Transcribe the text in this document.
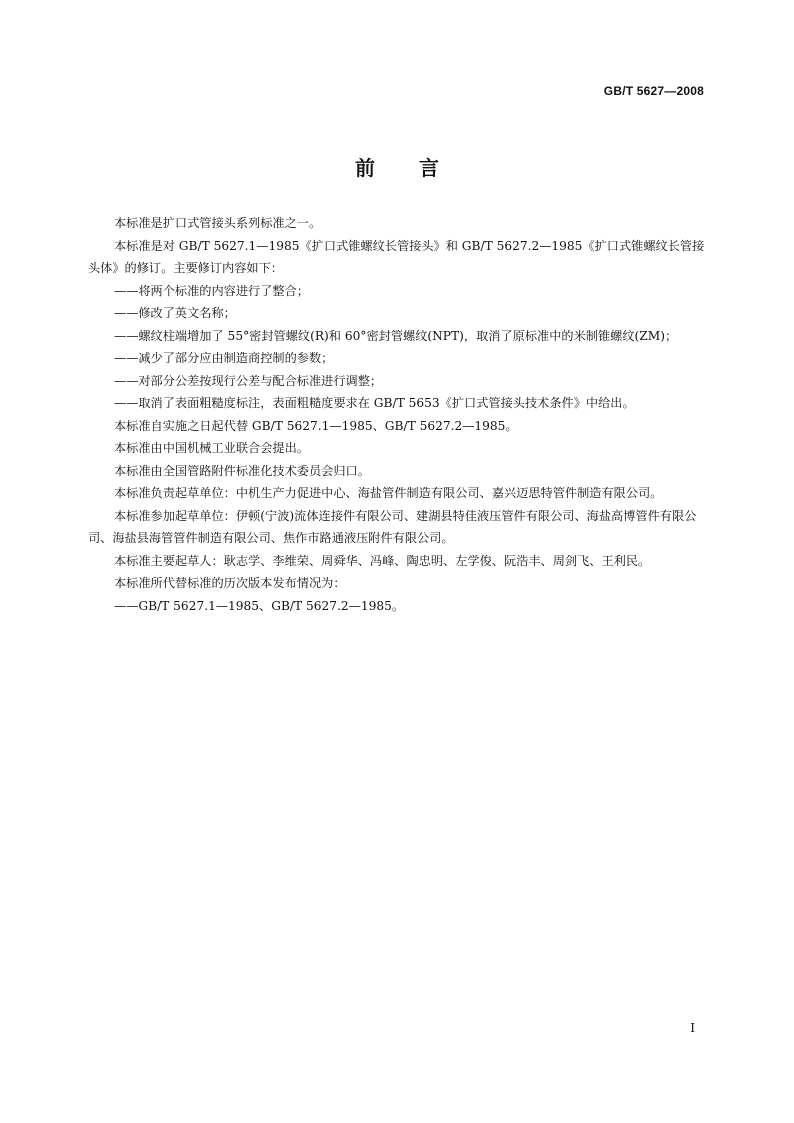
GB/T 5627—2008
前言

本标准是扩口式管接头系列标准之一。

本标准是对 GB/T 5627.1—1985《扩口式锥螺纹长管接头》和 GB/T 5627.2—1985《扩口式锥螺纹长管接头体》的修订。主要修订内容如下：

——将两个标准的内容进行了整合；

——修改了英文名称；

——螺纹柱端增加了 55°密封管螺纹(R)和 60°密封管螺纹(NPT)，取消了原标准中的米制锥螺纹(ZM)；

——减少了部分应由制造商控制的参数；

——对部分公差按现行公差与配合标准进行调整；

——取消了表面粗糙度标注，表面粗糙度要求在 GB/T 5653《扩口式管接头技术条件》中给出。

本标准自实施之日起代替 GB/T 5627.1—1985、GB/T 5627.2—1985。

本标准由中国机械工业联合会提出。

本标准由全国管路附件标准化技术委员会归口。

本标准负责起草单位：中机生产力促进中心、海盐管件制造有限公司、嘉兴迈思特管件制造有限公司。

本标准参加起草单位：伊顿(宁波)流体连接件有限公司、建湖县特佳液压管件有限公司、海盐高博管件有限公司、海盐县海管管件制造有限公司、焦作市路通液压附件有限公司。

本标准主要起草人：耿志学、李维荣、周舜华、冯峰、陶忠明、左学俊、阮浩丰、周剑飞、王利民。

本标准所代替标准的历次版本发布情况为：

——GB/T 5627.1—1985、GB/T 5627.2—1985。

I
